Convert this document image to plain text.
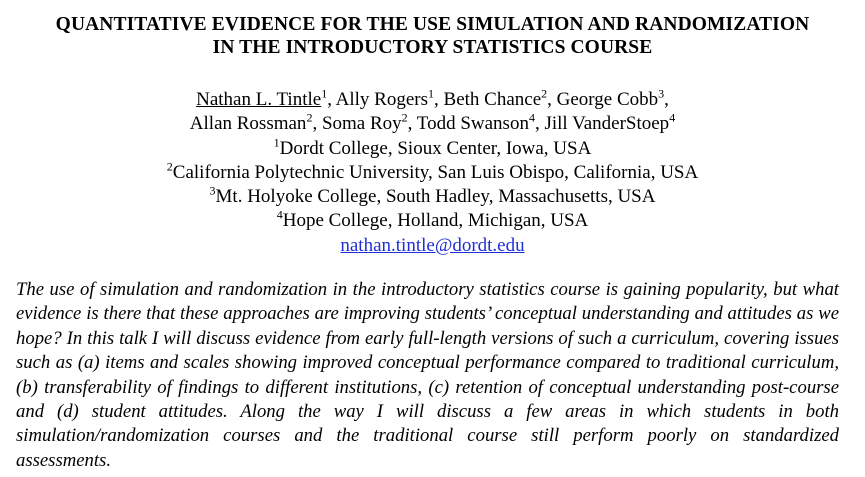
QUANTITATIVE EVIDENCE FOR THE USE SIMULATION AND RANDOMIZATION
IN THE INTRODUCTORY STATISTICS COURSE
Nathan L. Tintle$^1$, Ally Rogers$^1$, Beth Chance$^2$, George Cobb$^3$,
Allan Rossman$^2$, Soma Roy$^2$, Todd Swanson$^4$, Jill VanderStoep$^4$
$^1$Dordt College, Sioux Center, Iowa, USA
$^2$California Polytechnic University, San Luis Obispo, California, USA
$^3$Mt. Holyoke College, South Hadley, Massachusetts, USA
$^4$Hope College, Holland, Michigan, USA
nathan.tintle@dordt.edu
The use of simulation and randomization in the introductory statistics course is gaining popularity, but what evidence is there that these approaches are improving students’ conceptual understanding and attitudes as we hope? In this talk I will discuss evidence from early full-length versions of such a curriculum, covering issues such as (a) items and scales showing improved conceptual performance compared to traditional curriculum, (b) transferability of findings to different institutions, (c) retention of conceptual understanding post-course and (d) student attitudes. Along the way I will discuss a few areas in which students in both simulation/randomization courses and the traditional course still perform poorly on standardized assessments.
